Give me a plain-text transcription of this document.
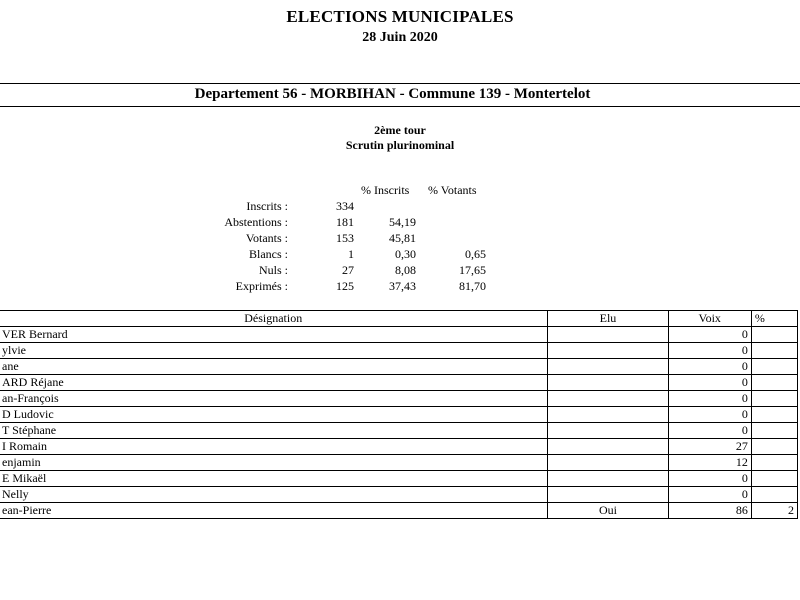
ELECTIONS MUNICIPALES
28 Juin 2020
Departement 56 - MORBIHAN - Commune 139 - Montertelot
2ème tour
Scrutin plurinominal
% Inscrits % Votants
Inscrits :	334
Abstentions :	181	54,19
Votants :	153	45,81
Blancs :	1	0,30	0,65
Nuls :	27	8,08	17,65
Exprimés :	125	37,43	81,70
Désignation	Elu	Voix	%
VER Bernard		0	
ylvie		0	
ane		0	
ARD Réjane		0	
an-François		0	
D Ludovic		0	
T Stéphane		0	
I Romain		27	
enjamin		12	
E Mikaël		0	
Nelly		0	
ean-Pierre	Oui	86	2
